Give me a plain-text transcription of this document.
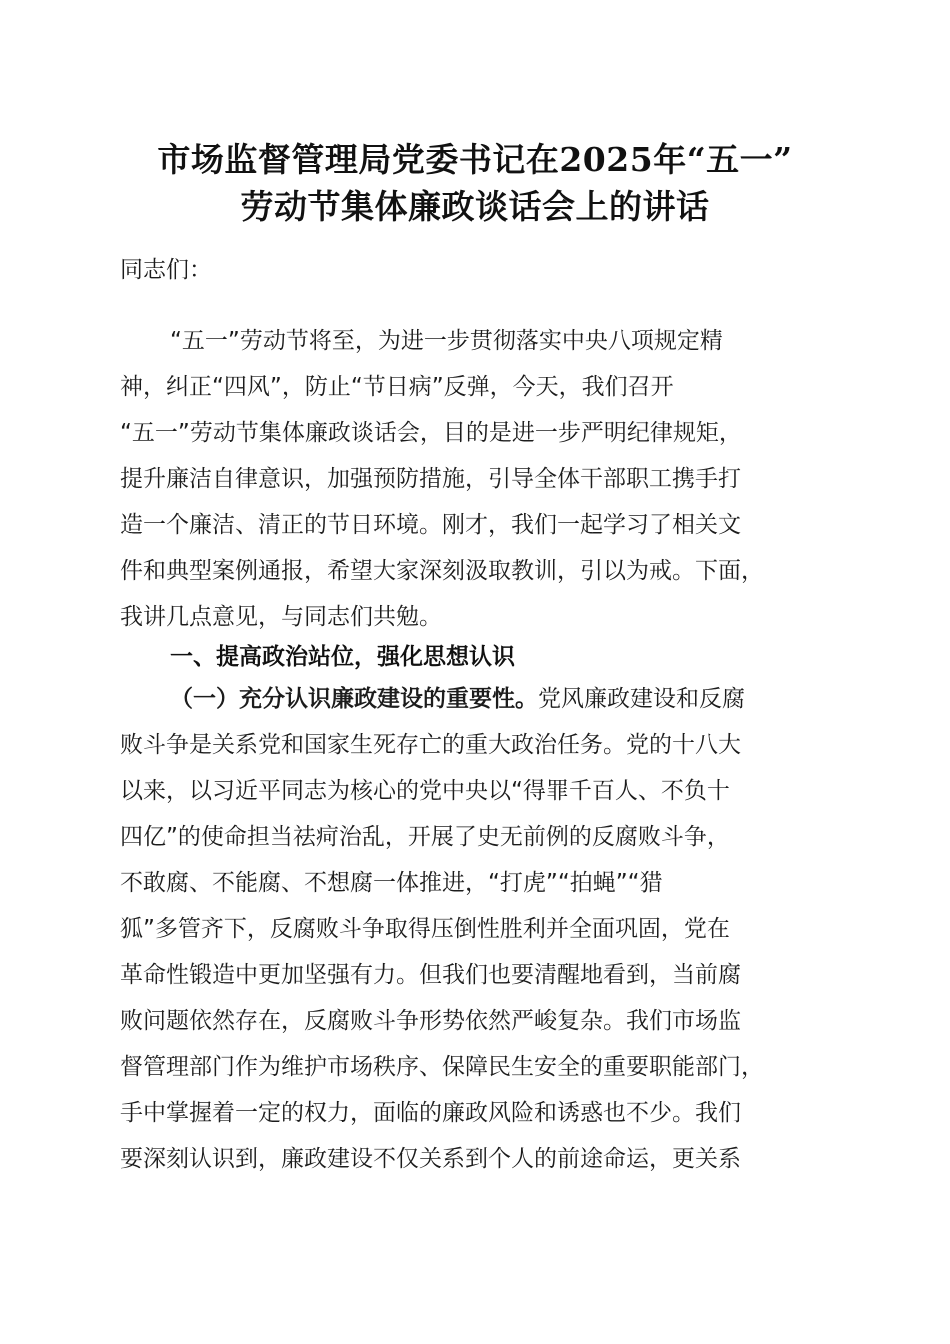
市场监督管理局党委书记在2025年“五一”
劳动节集体廉政谈话会上的讲话
同志们：
“五一”劳动节将至，为进一步贯彻落实中央八项规定精
神，纠正“四风”，防止“节日病”反弹，今天，我们召开
“五一”劳动节集体廉政谈话会，目的是进一步严明纪律规矩，
提升廉洁自律意识，加强预防措施，引导全体干部职工携手打
造一个廉洁、清正的节日环境。刚才，我们一起学习了相关文
件和典型案例通报，希望大家深刻汲取教训，引以为戒。下面，
我讲几点意见，与同志们共勉。
一、提高政治站位，强化思想认识
（一）充分认识廉政建设的重要性。党风廉政建设和反腐
败斗争是关系党和国家生死存亡的重大政治任务。党的十八大
以来，以习近平同志为核心的党中央以“得罪千百人、不负十
四亿”的使命担当祛疴治乱，开展了史无前例的反腐败斗争，
不敢腐、不能腐、不想腐一体推进，“打虎”“拍蝇”“猎
狐”多管齐下，反腐败斗争取得压倒性胜利并全面巩固，党在
革命性锻造中更加坚强有力。但我们也要清醒地看到，当前腐
败问题依然存在，反腐败斗争形势依然严峻复杂。我们市场监
督管理部门作为维护市场秩序、保障民生安全的重要职能部门，
手中掌握着一定的权力，面临的廉政风险和诱惑也不少。我们
要深刻认识到，廉政建设不仅关系到个人的前途命运，更关系
